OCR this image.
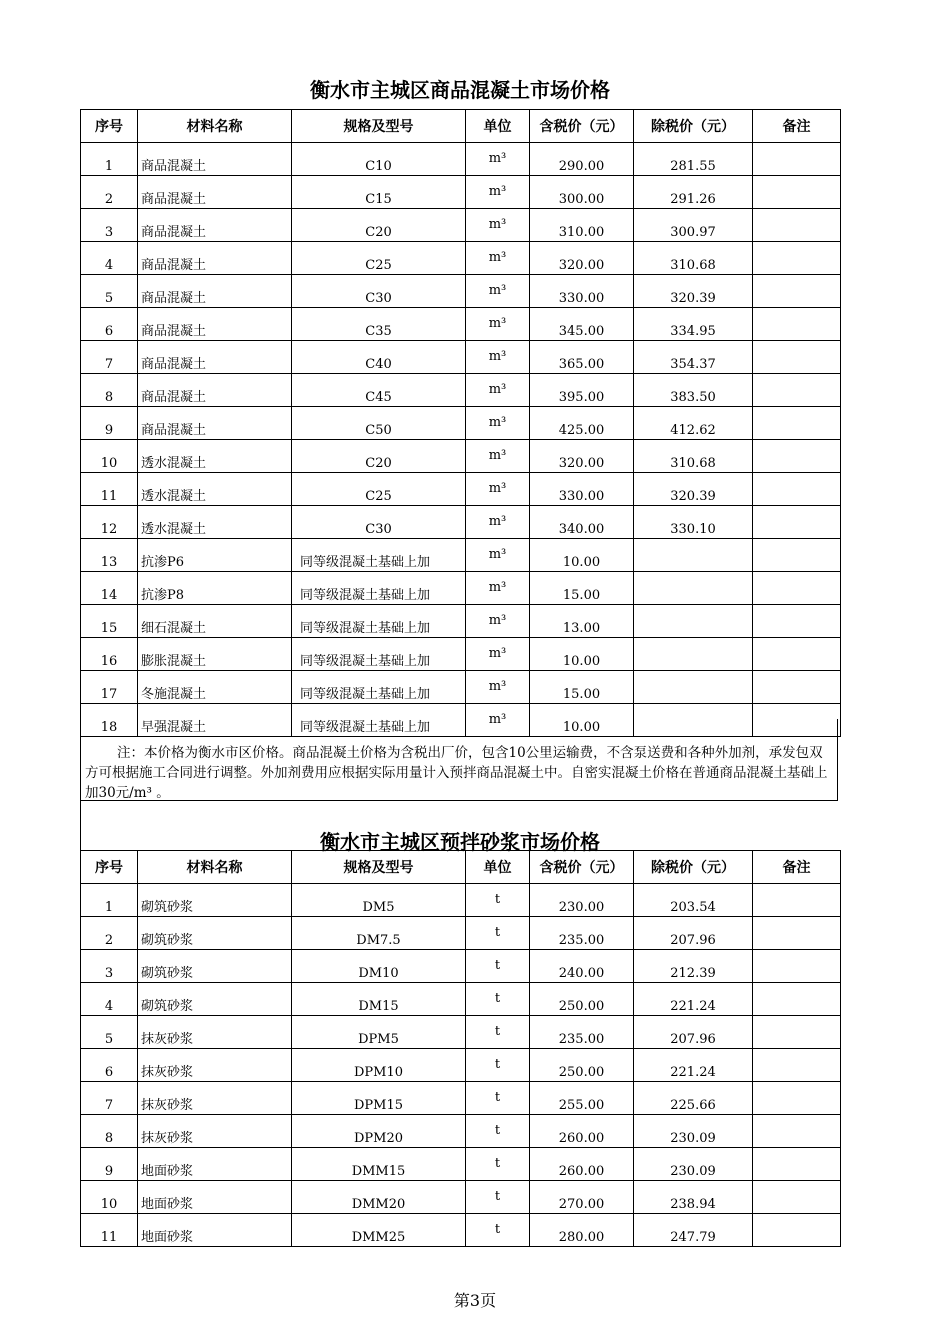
衡水市主城区商品混凝土市场价格
序号	材料名称	规格及型号	单位	含税价（元）	除税价（元）	备注
1	商品混凝土	C10	m³	290.00	281.55	
2	商品混凝土	C15	m³	300.00	291.26	
3	商品混凝土	C20	m³	310.00	300.97	
4	商品混凝土	C25	m³	320.00	310.68	
5	商品混凝土	C30	m³	330.00	320.39	
6	商品混凝土	C35	m³	345.00	334.95	
7	商品混凝土	C40	m³	365.00	354.37	
8	商品混凝土	C45	m³	395.00	383.50	
9	商品混凝土	C50	m³	425.00	412.62	
10	透水混凝土	C20	m³	320.00	310.68	
11	透水混凝土	C25	m³	330.00	320.39	
12	透水混凝土	C30	m³	340.00	330.10	
13	抗渗P6	同等级混凝土基础上加	m³	10.00		
14	抗渗P8	同等级混凝土基础上加	m³	15.00		
15	细石混凝土	同等级混凝土基础上加	m³	13.00		
16	膨胀混凝土	同等级混凝土基础上加	m³	10.00		
17	冬施混凝土	同等级混凝土基础上加	m³	15.00		
18	早强混凝土	同等级混凝土基础上加	m³	10.00		
注：本价格为衡水市区价格。商品混凝土价格为含税出厂价，包含10公里运输费，不含泵送费和各种外加剂，承发包双方可根据施工合同进行调整。外加剂费用应根据实际用量计入预拌商品混凝土中。自密实混凝土价格在普通商品混凝土基础上加30元/m³ 。
衡水市主城区预拌砂浆市场价格
序号	材料名称	规格及型号	单位	含税价（元）	除税价（元）	备注
1	砌筑砂浆	DM5	t	230.00	203.54	
2	砌筑砂浆	DM7.5	t	235.00	207.96	
3	砌筑砂浆	DM10	t	240.00	212.39	
4	砌筑砂浆	DM15	t	250.00	221.24	
5	抹灰砂浆	DPM5	t	235.00	207.96	
6	抹灰砂浆	DPM10	t	250.00	221.24	
7	抹灰砂浆	DPM15	t	255.00	225.66	
8	抹灰砂浆	DPM20	t	260.00	230.09	
9	地面砂浆	DMM15	t	260.00	230.09	
10	地面砂浆	DMM20	t	270.00	238.94	
11	地面砂浆	DMM25	t	280.00	247.79	
第3页
